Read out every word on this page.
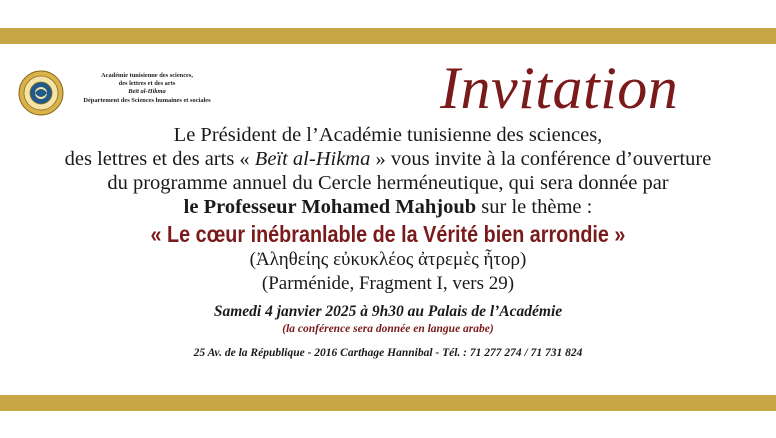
Académie tunisienne des sciences,
des lettres et des arts
Beït al-Hikma
Département des Sciences humaines et sociales	Invitation
Le Président de l’Académie tunisienne des sciences,
des lettres et des arts « Beït al-Hikma » vous invite à la conférence d’ouverture
du programme annuel du Cercle herméneutique, qui sera donnée par
le Professeur Mohamed Mahjoub sur le thème :
« Le cœur inébranlable de la Vérité bien arrondie »
(Ἀληθείης εὐκυκλέος ἀτρεμὲς ἦτορ)
(Parménide, Fragment I, vers 29)
Samedi 4 janvier 2025 à 9h30 au Palais de l’Académie
(la conférence sera donnée en langue arabe)
25 Av. de la République - 2016 Carthage Hannibal - Tél. : 71 277 274 / 71 731 824
